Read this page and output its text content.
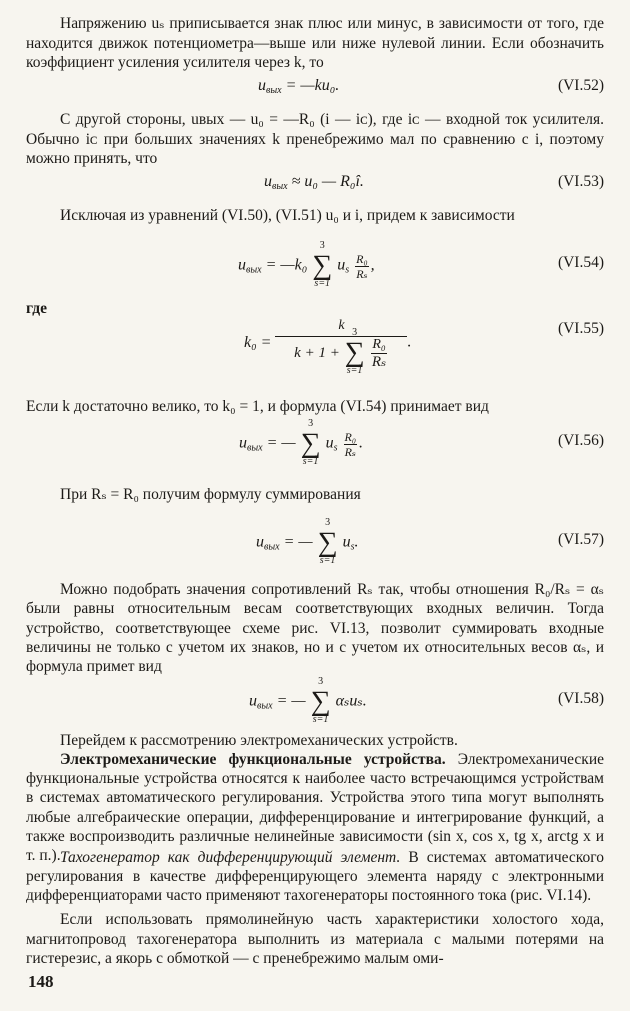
Напряжению uₛ приписывается знак плюс или минус, в зависимости от того, где находится движок потенциометра—выше или ниже нулевой линии. Если обозначить коэффициент усиления усилителя через k, то

$u_{вых}$ = —ku₀.	(VI.52)

С другой стороны, uвых — u₀ = —R₀ (i — iᴄ), где iᴄ — входной ток усилителя. Обычно iᴄ при больших значениях k пренебрежимо мал по сравнению с i, поэтому можно принять, что

$u_{вых} \approx u_0$ — R₀î.	(VI.53)

Исключая из уравнений (VI.50), (VI.51) u₀ и i, придем к зависимости

$u_{вых}$ = —k₀
3
∑
s=1
$u_s \frac{\text{R₀}}{\text{Rₛ}}$ ,	(VI.54)
где
k₀ = k
k + 1 +
3
∑
s=1

$\frac{\text{R₀}}{\text{Rₛ}}$ .
(VI.55)

Если k достаточно велико, то k₀ = 1, и формула (VI.54) принимает вид

$u_{вых}$ = —
3
∑
s=1
$u_s \frac{\text{R₀}}{\text{Rₛ}}$ .	(VI.56)

При Rₛ = R₀ получим формулу суммирования

$u_{вых}$ = —
3
∑
s=1
$u_s$.	(VI.57)

Можно подобрать значения сопротивлений Rₛ так, чтобы отношения R₀/Rₛ = αₛ были равны относительным весам соответствующих входных величин. Тогда устройство, соответствующее схеме рис. VI.13, позволит суммировать входные величины не только с учетом их знаков, но и с учетом их относительных весов αₛ, и формула примет вид

$u_{вых}$ = —
3
∑
s=1
αₛuₛ.	(VI.58)

Перейдем к рассмотрению электромеханических устройств.

Электромеханические функциональные устройства. Электромеханические функциональные устройства относятся к наиболее часто встречающимся устройствам в системах автоматического регулирования. Устройства этого типа могут выполнять любые алгебраические операции, дифференцирование и интегрирование функций, а также воспроизводить различные нелинейные зависимости (sin x, cos x, tg x, arctg x и т. п.). Тахогенератор как дифференцирующий элемент. В системах автоматического регулирования в качестве дифференцирующего элемента наряду с электронными дифференциаторами часто применяют тахогенераторы постоянного тока (рис. VI.14).

Если использовать прямолинейную часть характеристики холостого хода, магнитопровод тахогенератора выполнить из материала с малыми потерями на гистерезис, а якорь с обмоткой — с пренебрежимо малым оми-

148
